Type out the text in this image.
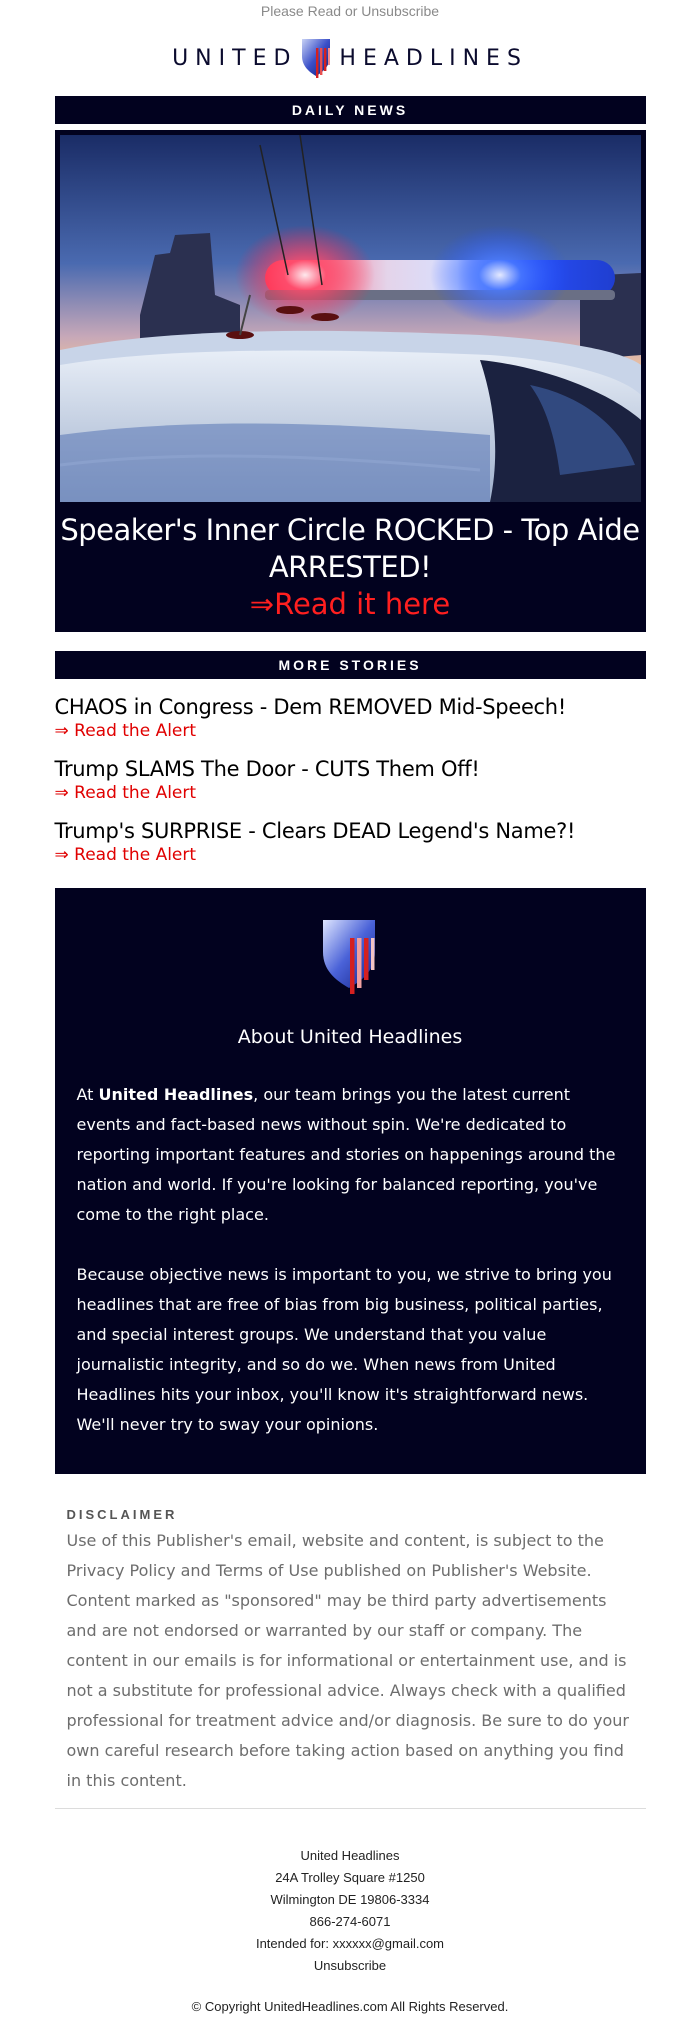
Please Read or Unsubscribe
UNITED HEADLINES
DAILY NEWS
Speaker's Inner Circle ROCKED - Top Aide ARRESTED!
⇒Read it here
MORE STORIES
CHAOS in Congress - Dem REMOVED Mid-Speech!
⇒ Read the Alert
Trump SLAMS The Door - CUTS Them Off!
⇒ Read the Alert
Trump's SURPRISE - Clears DEAD Legend's Name?!
⇒ Read the Alert
About United Headlines

At United Headlines, our team brings you the latest current events and fact-based news without spin. We're dedicated to reporting important features and stories on happenings around the nation and world. If you're looking for balanced reporting, you've come to the right place.

Because objective news is important to you, we strive to bring you headlines that are free of bias from big business, political parties, and special interest groups. We understand that you value journalistic integrity, and so do we. When news from United Headlines hits your inbox, you'll know it's straightforward news. We'll never try to sway your opinions.

DISCLAIMER
Use of this Publisher's email, website and content, is subject to the Privacy Policy and Terms of Use published on Publisher's Website. Content marked as "sponsored" may be third party advertisements and are not endorsed or warranted by our staff or company. The content in our emails is for informational or entertainment use, and is not a substitute for professional advice. Always check with a qualified professional for treatment advice and/or diagnosis. Be sure to do your own careful research before taking action based on anything you find in this content.
United Headlines
24A Trolley Square #1250
Wilmington DE 19806-3334
866-274-6071
Intended for: xxxxxx@gmail.com
Unsubscribe
© Copyright UnitedHeadlines.com All Rights Reserved.
